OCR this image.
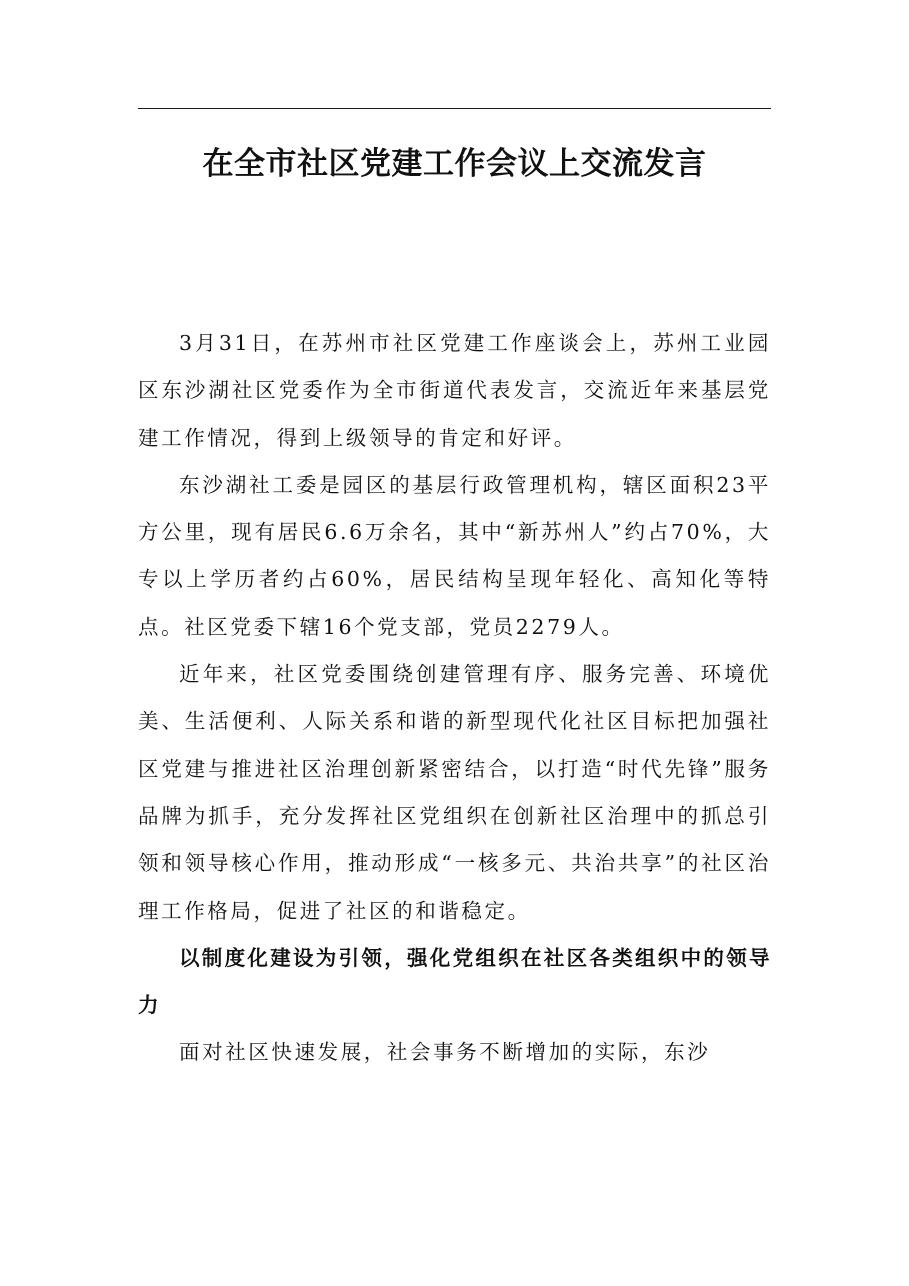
在全市社区党建工作会议上交流发言

3月31日，在苏州市社区党建工作座谈会上，苏州工业园区东沙湖社区党委作为全市街道代表发言，交流近年来基层党建工作情况，得到上级领导的肯定和好评。

东沙湖社工委是园区的基层行政管理机构，辖区面积23平方公里，现有居民6.6万余名，其中“新苏州人”约占70%，大专以上学历者约占60%，居民结构呈现年轻化、高知化等特点。社区党委下辖16个党支部，党员2279人。

近年来，社区党委围绕创建管理有序、服务完善、环境优美、生活便利、人际关系和谐的新型现代化社区目标把加强社区党建与推进社区治理创新紧密结合，以打造“时代先锋”服务品牌为抓手，充分发挥社区党组织在创新社区治理中的抓总引领和领导核心作用，推动形成“一核多元、共治共享”的社区治理工作格局，促进了社区的和谐稳定。

以制度化建设为引领，强化党组织在社区各类组织中的领导力

面对社区快速发展，社会事务不断增加的实际，东沙
